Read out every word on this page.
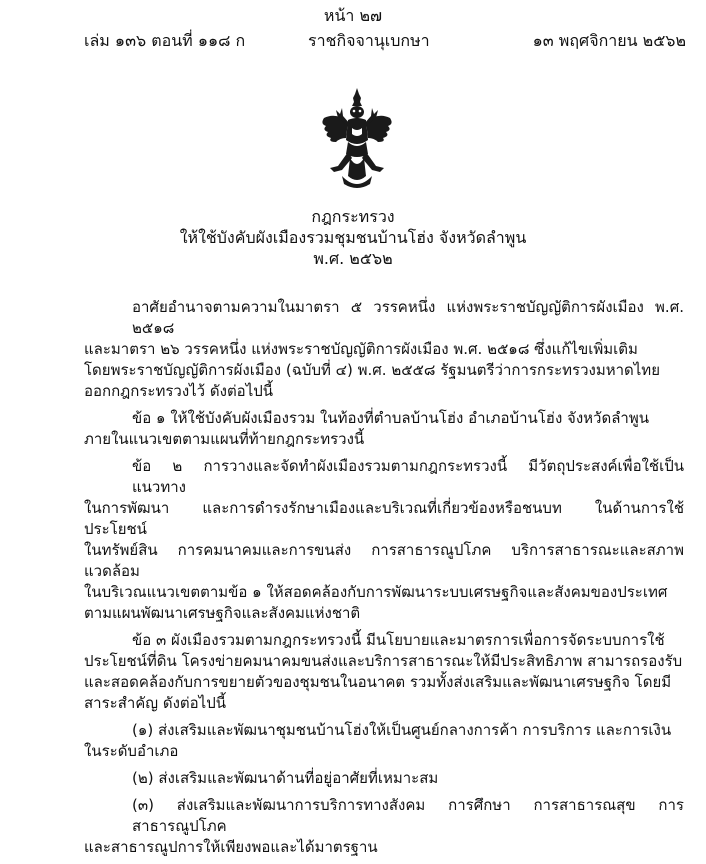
หน้า ๒๗
เล่ม ๑๓๖ ตอนที่ ๑๑๘ ก	ราชกิจจานุเบกษา	๑๓ พฤศจิกายน ๒๕๖๒
กฎกระทรวง
ให้ใช้บังคับผังเมืองรวมชุมชนบ้านโฮ่ง จังหวัดลำพูน
พ.ศ. ๒๕๖๒

อาศัยอำนาจตามความในมาตรา ๕ วรรคหนึ่ง แห่งพระราชบัญญัติการผังเมือง พ.ศ. ๒๕๑๘
และมาตรา ๒๖ วรรคหนึ่ง แห่งพระราชบัญญัติการผังเมือง พ.ศ. ๒๕๑๘ ซึ่งแก้ไขเพิ่มเติม
โดยพระราชบัญญัติการผังเมือง (ฉบับที่ ๔) พ.ศ. ๒๕๕๘ รัฐมนตรีว่าการกระทรวงมหาดไทย
ออกกฎกระทรวงไว้ ดังต่อไปนี้

ข้อ ๑ ให้ใช้บังคับผังเมืองรวม ในท้องที่ตำบลบ้านโฮ่ง อำเภอบ้านโฮ่ง จังหวัดลำพูน
ภายในแนวเขตตามแผนที่ท้ายกฎกระทรวงนี้

ข้อ ๒ การวางและจัดทำผังเมืองรวมตามกฎกระทรวงนี้ มีวัตถุประสงค์เพื่อใช้เป็นแนวทาง
ในการพัฒนา และการดำรงรักษาเมืองและบริเวณที่เกี่ยวข้องหรือชนบท ในด้านการใช้ประโยชน์
ในทรัพย์สิน การคมนาคมและการขนส่ง การสาธารณูปโภค บริการสาธารณะและสภาพแวดล้อม
ในบริเวณแนวเขตตามข้อ ๑ ให้สอดคล้องกับการพัฒนาระบบเศรษฐกิจและสังคมของประเทศ
ตามแผนพัฒนาเศรษฐกิจและสังคมแห่งชาติ

ข้อ ๓ ผังเมืองรวมตามกฎกระทรวงนี้ มีนโยบายและมาตรการเพื่อการจัดระบบการใช้
ประโยชน์ที่ดิน โครงข่ายคมนาคมขนส่งและบริการสาธารณะให้มีประสิทธิภาพ สามารถรองรับ
และสอดคล้องกับการขยายตัวของชุมชนในอนาคต รวมทั้งส่งเสริมและพัฒนาเศรษฐกิจ โดยมี
สาระสำคัญ ดังต่อไปนี้

(๑) ส่งเสริมและพัฒนาชุมชนบ้านโฮ่งให้เป็นศูนย์กลางการค้า การบริการ และการเงิน
ในระดับอำเภอ

(๒) ส่งเสริมและพัฒนาด้านที่อยู่อาศัยที่เหมาะสม

(๓) ส่งเสริมและพัฒนาการบริการทางสังคม การศึกษา การสาธารณสุข การสาธารณูปโภค
และสาธารณูปการให้เพียงพอและได้มาตรฐาน
